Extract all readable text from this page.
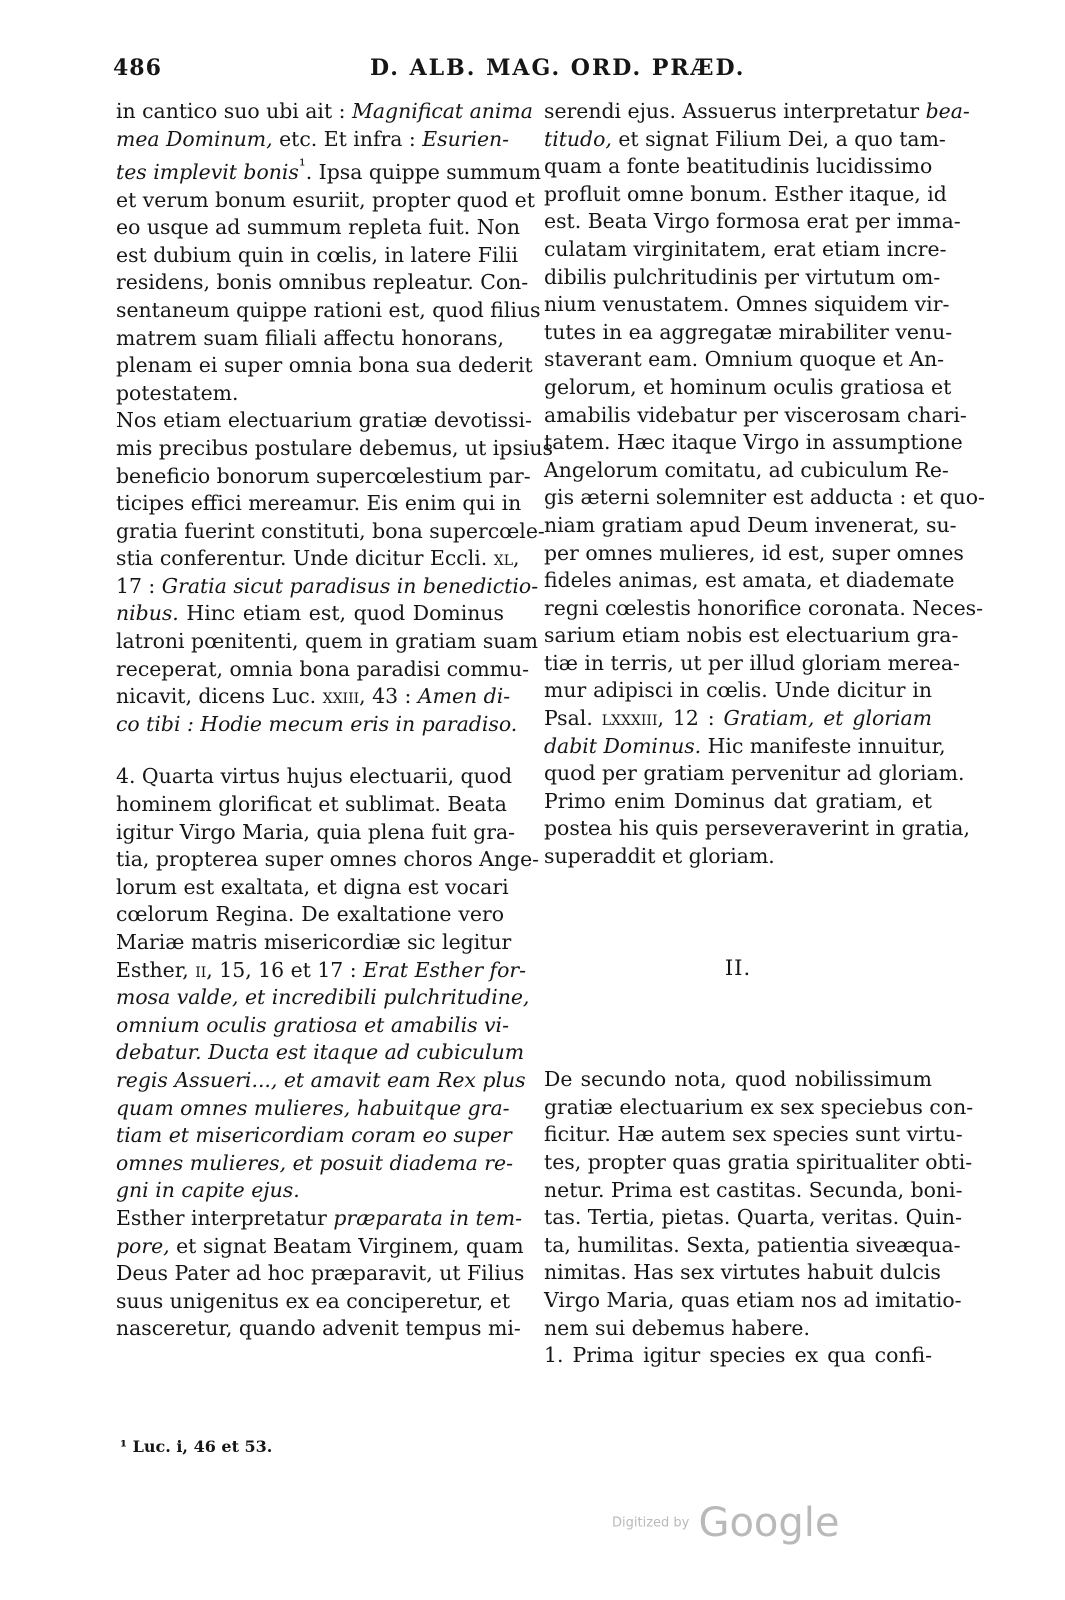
486	D. ALB. MAG. ORD. PRÆD.
in cantico suo ubi ait : Magnificat anima
mea Dominum, etc. Et infra : Esurien-
tes implevit bonis$^{^1}$. Ipsa quippe summum
et verum bonum esuriit, propter quod et
eo usque ad summum repleta fuit. Non
est dubium quin in cœlis, in latere Filii
residens, bonis omnibus repleatur. Con-
sentaneum quippe rationi est, quod filius
matrem suam filiali affectu honorans,
plenam ei super omnia bona sua dederit
potestatem.
Nos etiam electuarium gratiæ devotissi-
mis precibus postulare debemus, ut ipsius
beneficio bonorum supercœlestium par-
ticipes effici mereamur. Eis enim qui in
gratia fuerint constituti, bona supercœle-
stia conferentur. Unde dicitur Eccli. xl,
17 : Gratia sicut paradisus in benedictio-
nibus. Hinc etiam est, quod Dominus
latroni pœnitenti, quem in gratiam suam
receperat, omnia bona paradisi commu-
nicavit, dicens Luc. xxiii, 43 : Amen di-
co tibi : Hodie mecum eris in paradiso.
4. Quarta virtus hujus electuarii, quod
hominem glorificat et sublimat. Beata
igitur Virgo Maria, quia plena fuit gra-
tia, propterea super omnes choros Ange-
lorum est exaltata, et digna est vocari
cœlorum Regina. De exaltatione vero
Mariæ matris misericordiæ sic legitur
Esther, ii, 15, 16 et 17 : Erat Esther for-
mosa valde, et incredibili pulchritudine,
omnium oculis gratiosa et amabilis vi-
debatur. Ducta est itaque ad cubiculum
regis Assueri..., et amavit eam Rex plus
quam omnes mulieres, habuitque gra-
tiam et misericordiam coram eo super
omnes mulieres, et posuit diadema re-
gni in capite ejus.
Esther interpretatur præparata in tem-
pore, et signat Beatam Virginem, quam
Deus Pater ad hoc præparavit, ut Filius
suus unigenitus ex ea conciperetur, et
nasceretur, quando advenit tempus mi-
serendi ejus. Assuerus interpretatur bea-
titudo, et signat Filium Dei, a quo tam-
quam a fonte beatitudinis lucidissimo
profluit omne bonum. Esther itaque, id
est. Beata Virgo formosa erat per imma-
culatam virginitatem, erat etiam incre-
dibilis pulchritudinis per virtutum om-
nium venustatem. Omnes siquidem vir-
tutes in ea aggregatæ mirabiliter venu-
staverant eam. Omnium quoque et An-
gelorum, et hominum oculis gratiosa et
amabilis videbatur per viscerosam chari-
tatem. Hæc itaque Virgo in assumptione
Angelorum comitatu, ad cubiculum Re-
gis æterni solemniter est adducta : et quo-
niam gratiam apud Deum invenerat, su-
per omnes mulieres, id est, super omnes
fideles animas, est amata, et diademate
regni cœlestis honorifice coronata. Neces-
sarium etiam nobis est electuarium gra-
tiæ in terris, ut per illud gloriam merea-
mur adipisci in cœlis. Unde dicitur in
Psal. lxxxiii, 12 : Gratiam, et gloriam
dabit Dominus. Hic manifeste innuitur,
quod per gratiam pervenitur ad gloriam.
Primo enim Dominus dat gratiam, et
postea his quis perseveraverint in gratia,
superaddit et gloriam.
II.
De secundo nota, quod nobilissimum
gratiæ electuarium ex sex speciebus con-
ficitur. Hæ autem sex species sunt virtu-
tes, propter quas gratia spiritualiter obti-
netur. Prima est castitas. Secunda, boni-
tas. Tertia, pietas. Quarta, veritas. Quin-
ta, humilitas. Sexta, patientia siveæqua-
nimitas. Has sex virtutes habuit dulcis
Virgo Maria, quas etiam nos ad imitatio-
nem sui debemus habere.
1. Prima igitur species ex qua confi-
¹ Luc. i, 46 et 53.
Digitized by Google
